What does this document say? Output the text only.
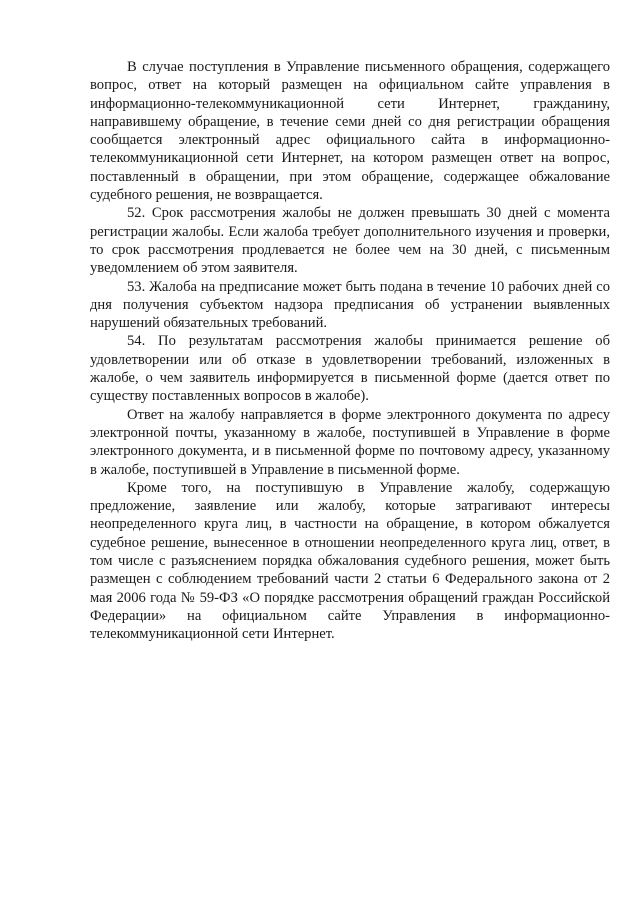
В случае поступления в Управление письменного обращения, содержащего вопрос, ответ на который размещен на официальном сайте управления в информационно-телекоммуникационной сети Интернет, гражданину, направившему обращение, в течение семи дней со дня регистрации обращения сообщается электронный адрес официального сайта в информационно-телекоммуникационной сети Интернет, на котором размещен ответ на вопрос, поставленный в обращении, при этом обращение, содержащее обжалование судебного решения, не возвращается.

52. Срок рассмотрения жалобы не должен превышать 30 дней с момента регистрации жалобы. Если жалоба требует дополнительного изучения и проверки, то срок рассмотрения продлевается не более чем на 30 дней, с письменным уведомлением об этом заявителя.

53. Жалоба на предписание может быть подана в течение 10 рабочих дней со дня получения субъектом надзора предписания об устранении выявленных нарушений обязательных требований.

54. По результатам рассмотрения жалобы принимается решение об удовлетворении или об отказе в удовлетворении требований, изложенных в жалобе, о чем заявитель информируется в письменной форме (дается ответ по существу поставленных вопросов в жалобе).

Ответ на жалобу направляется в форме электронного документа по адресу электронной почты, указанному в жалобе, поступившей в Управление в форме электронного документа, и в письменной форме по почтовому адресу, указанному в жалобе, поступившей в Управление в письменной форме.

Кроме того, на поступившую в Управление жалобу, содержащую предложение, заявление или жалобу, которые затрагивают интересы неопределенного круга лиц, в частности на обращение, в котором обжалуется судебное решение, вынесенное в отношении неопределенного круга лиц, ответ, в том числе с разъяснением порядка обжалования судебного решения, может быть размещен с соблюдением требований части 2 статьи 6 Федерального закона от 2 мая 2006 года № 59-ФЗ «О порядке рассмотрения обращений граждан Российской Федерации» на официальном сайте Управления в информационно-телекоммуникационной сети Интернет.
